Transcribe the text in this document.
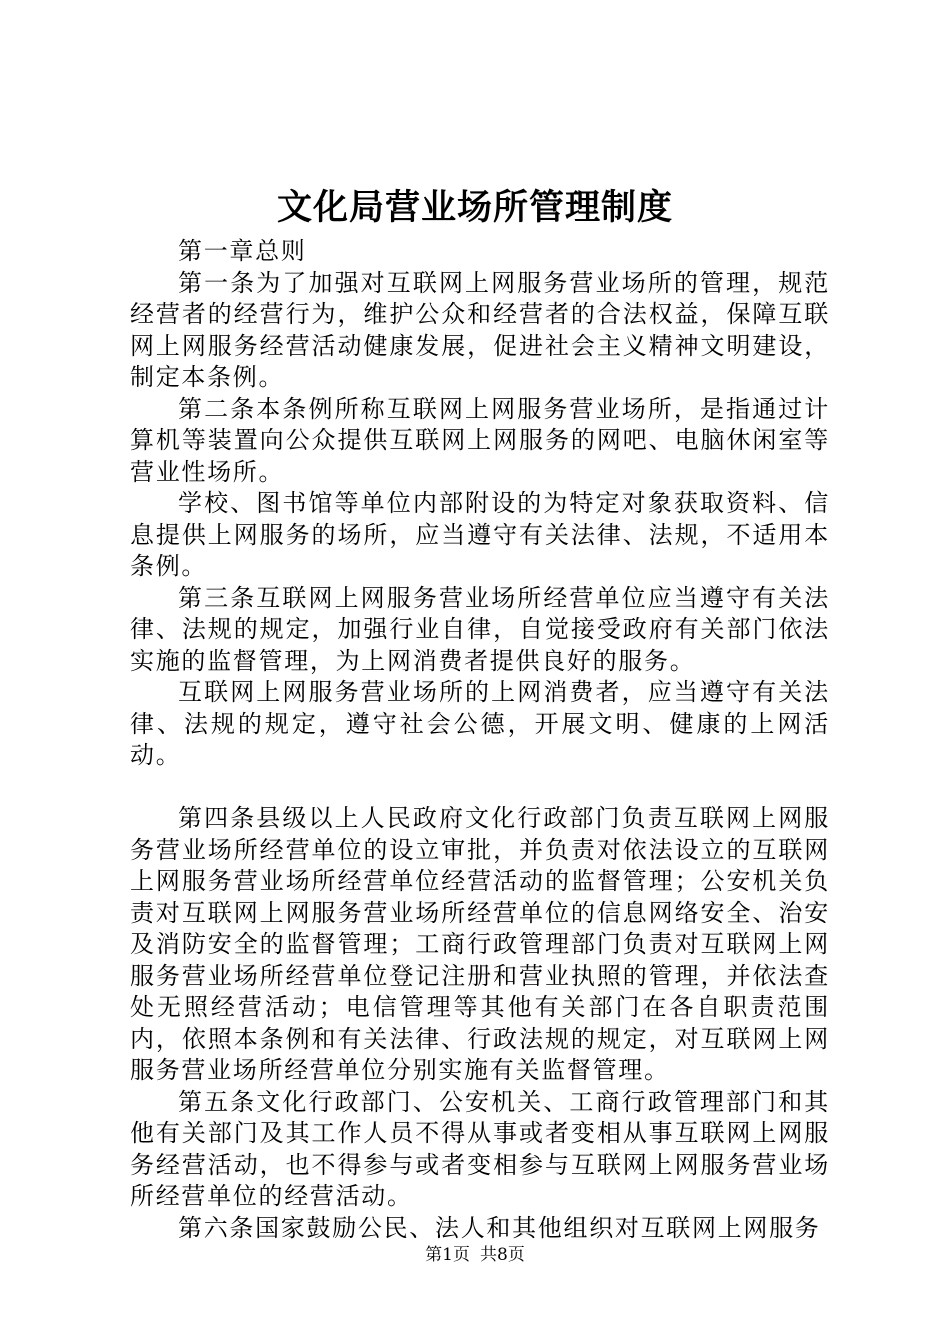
文化局营业场所管理制度

第一章总则

第一条为了加强对互联网上网服务营业场所的管理，规范经营者的经营行为，维护公众和经营者的合法权益，保障互联网上网服务经营活动健康发展，促进社会主义精神文明建设，制定本条例。

第二条本条例所称互联网上网服务营业场所，是指通过计算机等装置向公众提供互联网上网服务的网吧、电脑休闲室等营业性场所。

学校、图书馆等单位内部附设的为特定对象获取资料、信息提供上网服务的场所，应当遵守有关法律、法规，不适用本条例。

第三条互联网上网服务营业场所经营单位应当遵守有关法律、法规的规定，加强行业自律，自觉接受政府有关部门依法实施的监督管理，为上网消费者提供良好的服务。

互联网上网服务营业场所的上网消费者，应当遵守有关法律、法规的规定，遵守社会公德，开展文明、健康的上网活动。

第四条县级以上人民政府文化行政部门负责互联网上网服务营业场所经营单位的设立审批，并负责对依法设立的互联网上网服务营业场所经营单位经营活动的监督管理；公安机关负责对互联网上网服务营业场所经营单位的信息网络安全、治安及消防安全的监督管理；工商行政管理部门负责对互联网上网服务营业场所经营单位登记注册和营业执照的管理，并依法查处无照经营活动；电信管理等其他有关部门在各自职责范围内，依照本条例和有关法律、行政法规的规定，对互联网上网服务营业场所经营单位分别实施有关监督管理。

第五条文化行政部门、公安机关、工商行政管理部门和其他有关部门及其工作人员不得从事或者变相从事互联网上网服务经营活动，也不得参与或者变相参与互联网上网服务营业场所经营单位的经营活动。

第六条国家鼓励公民、法人和其他组织对互联网上网服务

第1页 共8页
